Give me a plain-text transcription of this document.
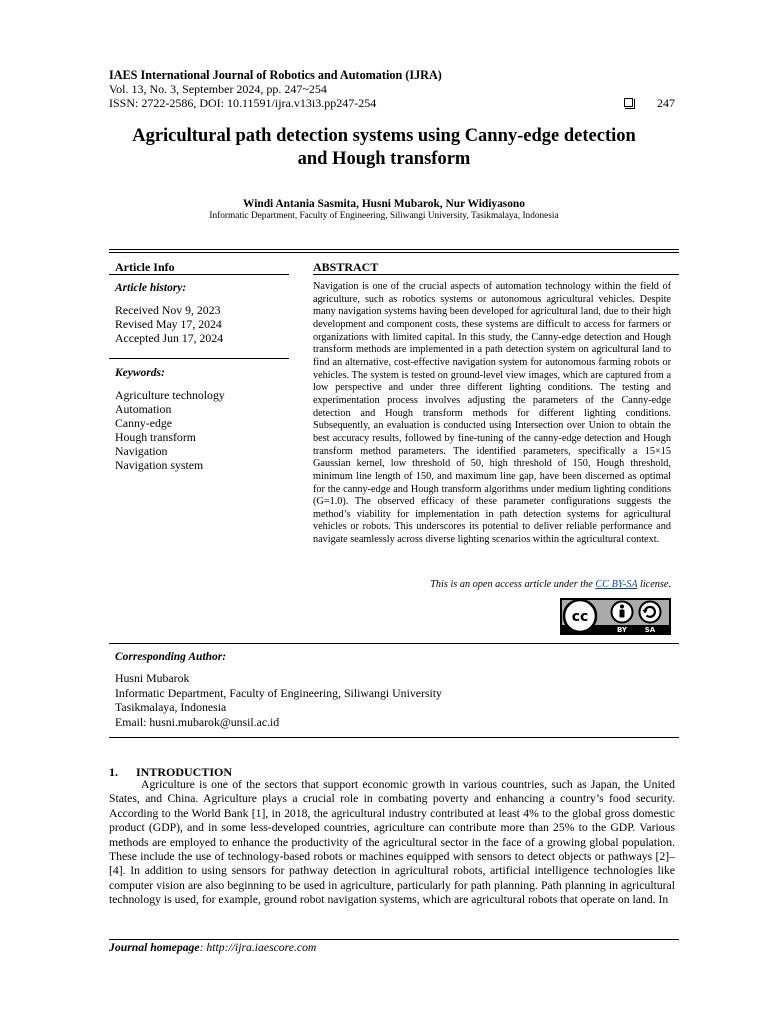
IAES International Journal of Robotics and Automation (IJRA)
Vol. 13, No. 3, September 2024, pp. 247~254
ISSN: 2722-2586, DOI: 10.11591/ijra.v13i3.pp247-254	247
Agricultural path detection systems using Canny-edge detection
and Hough transform
Windi Antania Sasmita, Husni Mubarok, Nur Widiyasono
Informatic Department, Faculty of Engineering, Siliwangi University, Tasikmalaya, Indonesia
Article Info
Article history:
Received Nov 9, 2023
Revised May 17, 2024
Accepted Jun 17, 2024
Keywords:
Agriculture technology
Automation
Canny-edge
Hough transform
Navigation
Navigation system
ABSTRACT
Navigation is one of the crucial aspects of automation technology within the field of agriculture, such as robotics systems or autonomous agricultural vehicles. Despite many navigation systems having been developed for agricultural land, due to their high development and component costs, these systems are difficult to access for farmers or organizations with limited capital. In this study, the Canny-edge detection and Hough transform methods are implemented in a path detection system on agricultural land to find an alternative, cost-effective navigation system for autonomous farming robots or vehicles. The system is tested on ground-level view images, which are captured from a low perspective and under three different lighting conditions. The testing and experimentation process involves adjusting the parameters of the Canny-edge detection and Hough transform methods for different lighting conditions. Subsequently, an evaluation is conducted using Intersection over Union to obtain the best accuracy results, followed by fine-tuning of the canny-edge detection and Hough transform method parameters. The identified parameters, specifically a 15×15 Gaussian kernel, low threshold of 50, high threshold of 150, Hough threshold, minimum line length of 150, and maximum line gap, have been discerned as optimal for the canny-edge and Hough transform algorithms under medium lighting conditions (G=1.0). The observed efficacy of these parameter configurations suggests the method’s viability for implementation in path detection systems for agricultural vehicles or robots. This underscores its potential to deliver reliable performance and navigate seamlessly across diverse lighting scenarios within the agricultural context.
This is an open access article under the CC BY-SA license.
cc
BY	SA
Corresponding Author:
Husni Mubarok
Informatic Department, Faculty of Engineering, Siliwangi University
Tasikmalaya, Indonesia
Email: husni.mubarok@unsil.ac.id
1. INTRODUCTION

Agriculture is one of the sectors that support economic growth in various countries, such as Japan, the United States, and China. Agriculture plays a crucial role in combating poverty and enhancing a country’s food security. According to the World Bank [1], in 2018, the agricultural industry contributed at least 4% to the global gross domestic product (GDP), and in some less-developed countries, agriculture can contribute more than 25% to the GDP. Various methods are employed to enhance the productivity of the agricultural sector in the face of a growing global population. These include the use of technology-based robots or machines equipped with sensors to detect objects or pathways [2]–[4]. In addition to using sensors for pathway detection in agricultural robots, artificial intelligence technologies like computer vision are also beginning to be used in agriculture, particularly for path planning. Path planning in agricultural technology is used, for example, ground robot navigation systems, which are agricultural robots that operate on land. In

Journal homepage: http://ijra.iaescore.com
